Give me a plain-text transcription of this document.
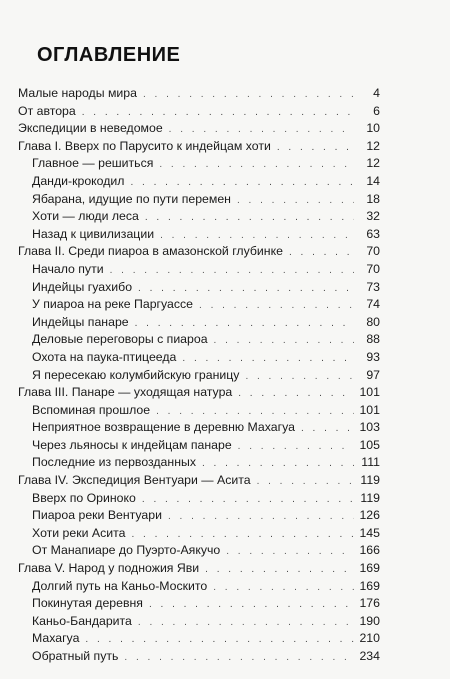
ОГЛАВЛЕНИЕ
Малые народы мира . . .	4
От автора . . .	6
Экспедиции в неведомое . . .	10
Глава I. Вверх по Парусито к индейцам хоти . . .	12
Главное — решиться . . .	12
Данди-крокодил . . .	14
Ябарана, идущие по пути перемен . . .	18
Хоти — люди леса . . .	32
Назад к цивилизации . . .	63
Глава II. Среди пиароа в амазонской глубинке . . .	70
Начало пути . . .	70
Индейцы гуахибо . . .	73
У пиароа на реке Паргуассе . . .	74
Индейцы панаре . . .	80
Деловые переговоры с пиароа . . .	88
Охота на паука-птицееда . . .	93
Я пересекаю колумбийскую границу . . .	97
Глава III. Панаре — уходящая натура . . .	101
Вспоминая прошлое . . .	101
Неприятное возвращение в деревню Махагуа . . .	103
Через льяносы к индейцам панаре . . .	105
Последние из первозданных . . .	111
Глава IV. Экспедиция Вентуари — Асита . . .	119
Вверх по Ориноко . . .	119
Пиароа реки Вентуари . . .	126
Хоти реки Асита . . .	145
От Манапиаре до Пуэрто-Аякучо . . .	166
Глава V. Народ у подножия Яви . . .	169
Долгий путь на Каньо-Москито . . .	169
Покинутая деревня . . .	176
Каньо-Бандарита . . .	190
Махагуа . . .	210
Обратный путь . . .	234
